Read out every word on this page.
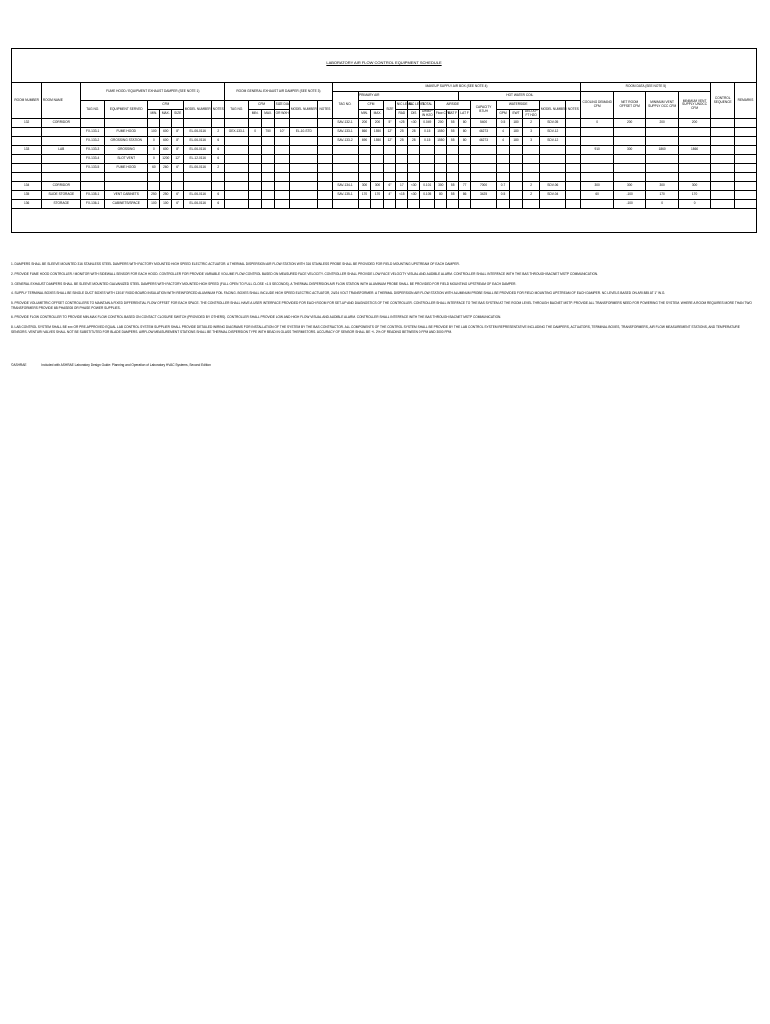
LABORATORY AIR FLOW CONTROL EQUIPMENT SCHEDULE
ROOM NUMBER	ROOM NAME	FUME HOOD / EQUIPMENT EXHAUST DAMPER (SEE NOTE 1)							ROOM GENERAL EXHAUST AIR DAMPER (SEE NOTE 3)						MAKEUP SUPPLY AIR BOX (SEE NOTE 4)																ROOM DATA (SEE NOTE 5)				CONTROL SEQUENCE	REMARKS
															TAG NO.	PRIMARY AIR								HOT WATER COIL							COOLING DEMAND CFM	NET ROOM OFFSET CFM	MINIMUM VENT SUPPLY OCC CFM	MINIMUM VENT SUPPLY UNOCC CFM		
		TAG NO.	EQUIPMENT SERVED	CFM			MODEL NUMBER	NOTES	TAG NO.	CFM		SIZE DIA	MODEL NUMBER	NOTES		CFM		SIZE	N/C LEVEL	N/C LEVEL	TOTAL	AIRSIDE			CAPACITY BTUH	WATERSIDE			MODEL NUMBER	NOTES						
				MIN.	MAX.	SIZE				MIN.	MAX.	OR WXH				MIN.	MAX.		RAD	DIS	Delta P IN H2O	Flow CFM	EAT F	LAT F		GPM	EWT	DELTA P FT H2O								
132	CORRIDOR														SAV-132-1	200	200	5"	<25	<30	0.049	200	55	80	5400	0.5	180	2	SDV-05		0	200	200	200		
		FX-133-1	FUME HOOD	100	600	8"	EL-06-0116	2	GEX-133-1	0	750	10"	EL-10-STD		SAV-133-1	860	1550	12"	25	28	0.15	1550	55	80	46273	4	180	3	SDV-12							
		FX-133-2	GROSSING STATION	0	600	8"	EL-06-0116	6							SAV-133-2	690	1550	12"	25	28	0.15	1550	55	80	46273	4	180	3	SDV-12							
133	LAB	FX-133-3	GROSSING	0	600	8"	EL-06-0116	6																							910	300	1860	1860		
		FX-133-4	SLOT VENT	0	1200	12"	EL-12-0116	6																												
		FX-133-5	FUME HOOD	60	260	6"	EL-06-0116	2																												

134	CORRIDOR														SAV-134-1	300	300	6"	17	<30	0.101	300	55	77	7000	0.7		2	SDV-06		300	300	300	300		
135	SLIDE STORAGE	FX-135-1	VENT CABINETS	250	250	6"	EL-06-0116	6							SAV-135-1	170	170	4"	<15	<30	0.105	80	55	86	3425	0.5		2	SDV-04		60	-100	170	170		
136	STORAGE	FX-136-1	CABINETS/SPACE	100	100	6"	EL-06-0116	6																								-100	0	0		

1. DAMPERS SHALL BE SLEEVE MOUNTED 316 STAINLESS STEEL DAMPERS WITH FACTORY MOUNTED HIGH SPEED ELECTRIC ACTUATOR. A THERMAL DISPERSION AIR FLOW STATION WITH 316 STAINLESS PROBE SHALL BE PROVIDED FOR FIELD MOUNTING UPSTREAM OF EACH DAMPER.

2. PROVIDE FUME HOOD CONTROLLER / MONITOR WITH SIDEWALL SENSOR FOR EACH HOOD. CONTROLLER FOR PROVIDE VARIABLE VOLUME FLOW CONTROL BASED ON MEASURED FACE VELOCITY. CONTROLLER SHALL PROVIDE LOW FACE VELOCITY VISUAL AND AUDIBLE ALARM. CONTROLLER SHALL INTERFACE WITH THE BAS THROUGH BACNET MSTP COMMUNICATION.

3. GENERAL EXHAUST DAMPERS SHALL BE SLEEVE MOUNTED GALVANIZED STEEL DAMPERS WITH FACTORY MOUNTED HIGH SPEED (FULL OPEN TO FULL CLOSE <1.5 SECONDS). A THERMAL DISPERSION AIR FLOW STATION WITH ALUMINUM PROBE SHALL BE PROVIDED FOR FIELD MOUNTING UPSTREAM OF EACH DAMPER.

4. SUPPLY TERMINAL BOXES SHALL BE SINGLE DUCT BOXES WITH 13/16" RIGID BOARD INSULATION WITH REINFORCED ALUMINUM FOIL FACING. BOXES SHALL INCLUDE HIGH SPEED ELECTRIC ACTUATOR, 24/24 VOLT TRANSFORMER. A THERMAL DISPERSION AIR FLOW STATION WITH ALUMINUM PROBE SHALL BE PROVIDED FOR FIELD MOUNTING UPSTREAM OF EACH DAMPER. NC LEVELS BASED ON ARI 885 AT 1" W.G.

5. PROVIDE VOLUMETRIC OFFSET CONTROLLERS TO MAINTAIN A FIXED DIFFERENTIAL FLOW OFFSET FOR EACH SPACE. THE CONTROLLER SHALL HAVE A USER INTERFACE PROVIDED FOR EACH ROOM FOR SET-UP AND DIAGNOSTICS OF THE CONTROLLER. CONTROLLER SHALL INTERFACE TO THE BAS SYSTEM AT THE ROOM LEVEL THROUGH BACNET MSTP. PROVIDE ALL TRANSFORMERS NEED FOR POWERING THE SYSTEM. WHERE A ROOM REQUIRES MORE THAN TWO TRANSFORMERS PROVIDE 6B PHASE08 OR PHASE POWER SUPPLIES.

6. PROVIDE FLOW CONTROLLER TO PROVIDE MIN-MAX FLOW CONTROL BASED ON CONTACT CLOSURE SWITCH (PROVIDED BY OTHERS). CONTROLLER SHALL PROVIDE LOW AND HIGH FLOW VISUAL AND AUDIBLE ALARM. CONTROLLER SHALL INTERFACE WITH THE BAS THROUGH BACNET MSTP COMMUNICATION.

8. LAB CONTROL SYSTEM SHALL BE xxx OR PRE-APPROVED EQUAL LAB CONTROL SYSTEM SUPPLIER SHALL PROVIDE DETAILED WIRING DIAGRAMS FOR INSTALLATION OF THE SYSTEM BY THE BAS CONTRACTOR. ALL COMPONENTS OF THE CONTROL SYSTEM SHALL BE PROVIDE BY THE LAB CONTROL SYSTEM REPRESENTATIVE INCLUDING THE DAMPERS, ACTUATORS, TERMINAL BOXES, TRANSFORMERS, AIR FLOW MEASUREMENT STATIONS, AND TEMPERATURE SENSORS. VENTURI VALVES SHALL NOT BE SUBSTITUTED FOR BLADE DAMPERS. AIRFLOW MEASUREMENT STATIONS SHALL BE THERMAL DISPERSION TYPE WITH BEAD IN GLASS THERMISTORS. ACCURACY OF SENSOR SHALL BE +/- 2% OF READING BETWEEN 0 FPM AND 3000 FPM.

©ASHRAE	Included with ASHRAE Laboratory Design Guide: Planning and Operation of Laboratory HVAC Systems, Second Edition
